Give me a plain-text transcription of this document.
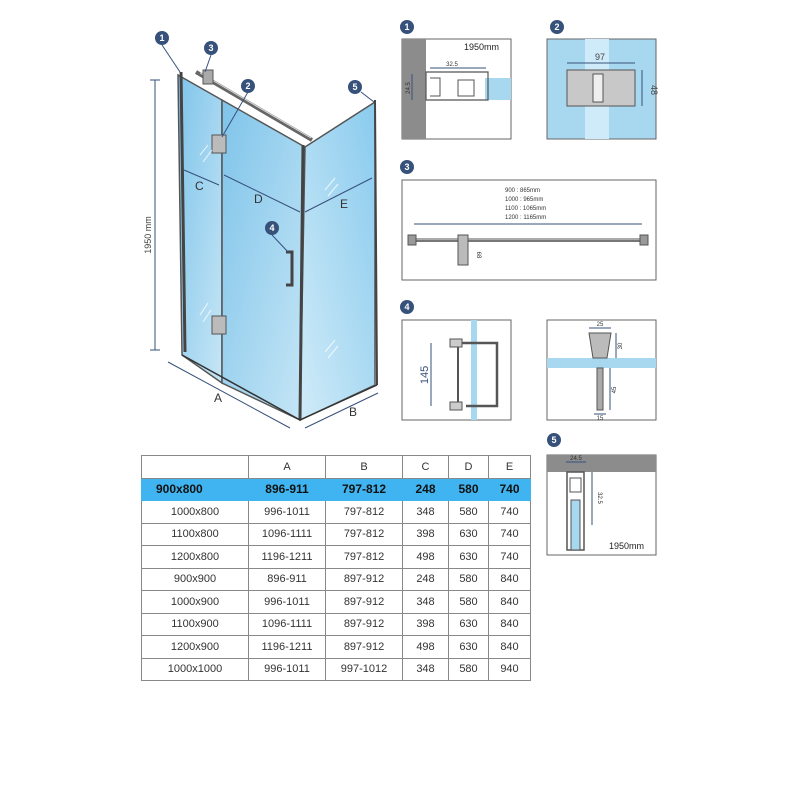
1950 mm
A
B
C
D	E
1
3
2
4
5
1
32.5
24.5
1950mm
2
97
48
3
900 : 865mm
1000 : 965mm
1100 : 1065mm
1200 : 1165mm
68
4
145
25
30
45
15
5
24.5
32.5
1950mm
	A	B	C	D	E
900x800	896-911	797-812	248	580	740
1000x800	996-1011	797-812	348	580	740
1100x800	1096-1111	797-812	398	630	740
1200x800	1196-1211	797-812	498	630	740
900x900	896-911	897-912	248	580	840
1000x900	996-1011	897-912	348	580	840
1100x900	1096-1111	897-912	398	630	840
1200x900	1196-1211	897-912	498	630	840
1000x1000	996-1011	997-1012	348	580	940
